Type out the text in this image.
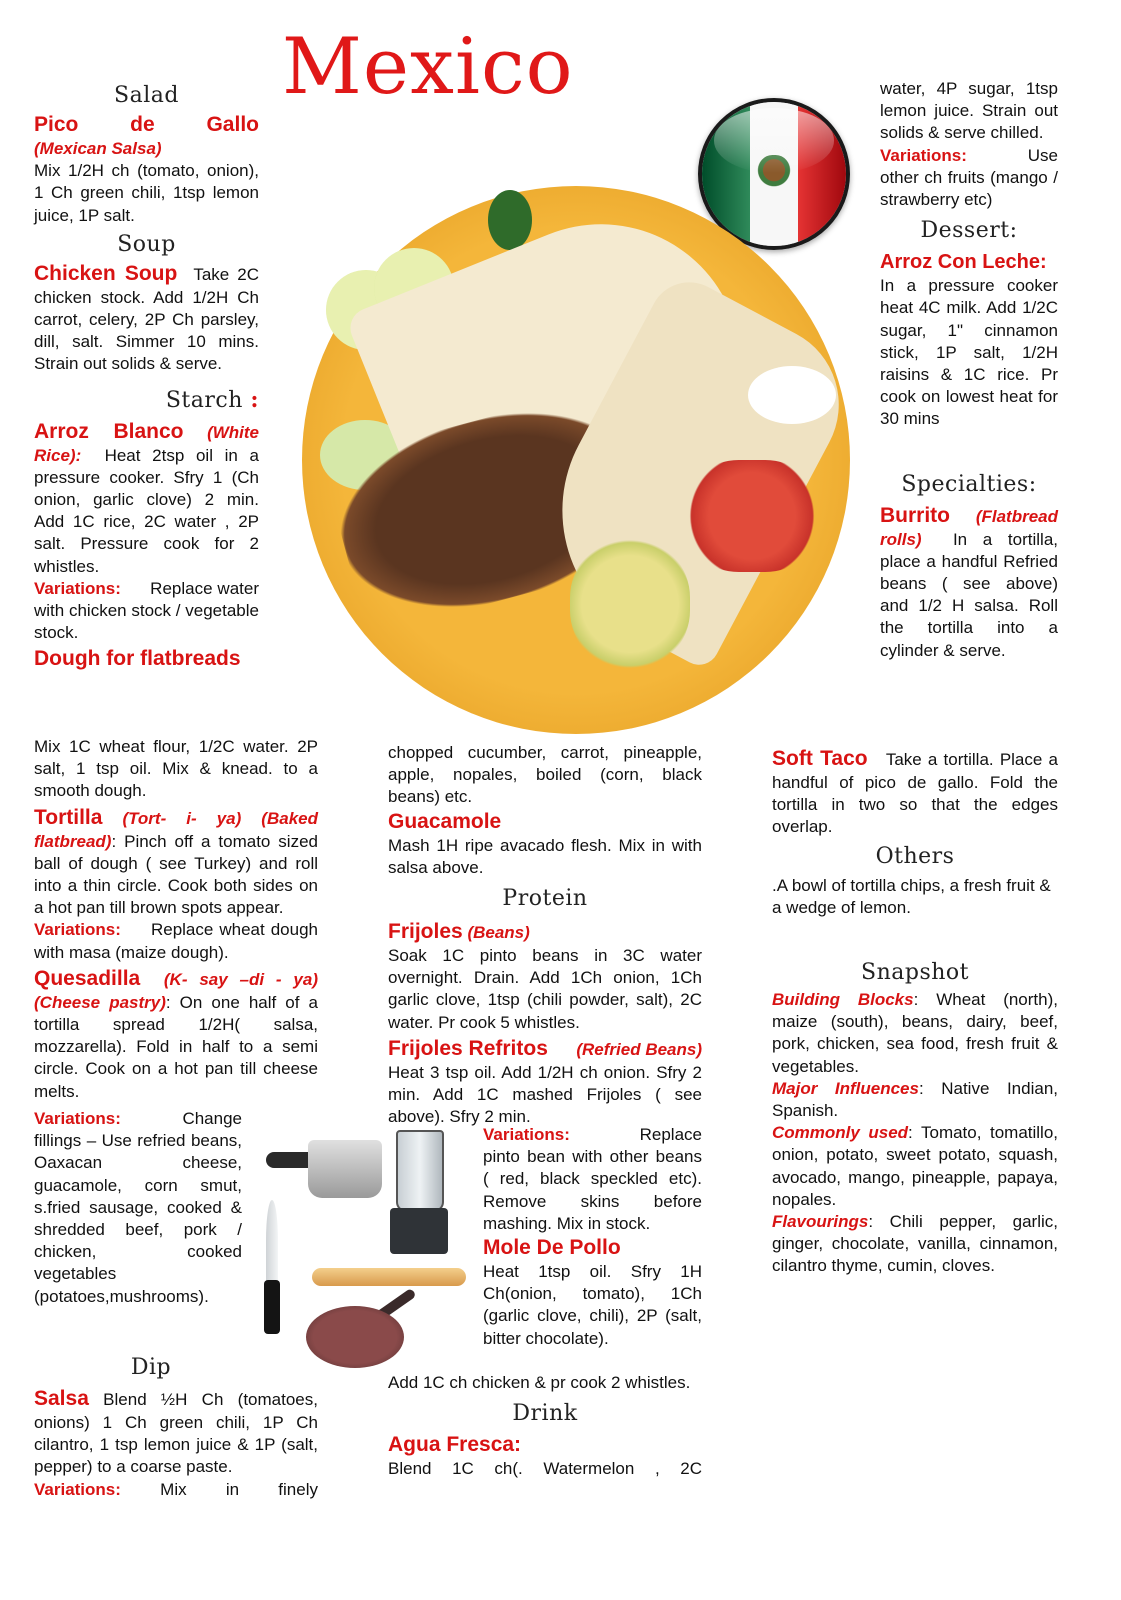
Mexico
Salad
Pico de Gallo
(Mexican Salsa)

Mix 1/2H ch (tomato, onion), 1 Ch green chili, 1tsp lemon juice, 1P salt.

Soup

Chicken Soup Take 2C chicken stock. Add 1/2H Ch carrot, celery, 2P Ch parsley, dill, salt. Simmer 10 mins. Strain out solids & serve.

Starch :

Arroz Blanco (White Rice): Heat 2tsp oil in a pressure cooker. Sfry 1 (Ch onion, garlic clove) 2 min. Add 1C rice, 2C water , 2P salt. Pressure cook for 2 whistles.

Variations: Replace water with chicken stock / vegetable stock.

Dough for flatbreads

Mix 1C wheat flour, 1/2C water. 2P salt, 1 tsp oil. Mix & knead. to a smooth dough.

Tortilla (Tort- i- ya) (Baked flatbread): Pinch off a tomato sized ball of dough ( see Turkey) and roll into a thin circle. Cook both sides on a hot pan till brown spots appear.

Variations: Replace wheat dough with masa (maize dough).

Quesadilla (K- say –di - ya) (Cheese pastry): On one half of a tortilla spread 1/2H( salsa, mozzarella). Fold in half to a semi circle. Cook on a hot pan till cheese melts.

Variations:	Change fillings – Use refried beans, Oaxacan cheese, guacamole, corn smut, s.fried sausage, cooked & shredded beef, pork / chicken, cooked vegetables (potatoes,mushrooms).

Dip

Salsa Blend ½H Ch (tomatoes, onions) 1 Ch green chili, 1P Ch cilantro, 1 tsp lemon juice & 1P (salt, pepper) to a coarse paste.

Variations: Mix in finely

chopped cucumber, carrot, pineapple, apple, nopales, boiled (corn, black beans) etc.

Guacamole

Mash 1H ripe avacado flesh. Mix in with salsa above.

Protein

Frijoles (Beans)

Soak 1C pinto beans in 3C water overnight. Drain. Add 1Ch onion, 1Ch garlic clove, 1tsp (chili powder, salt), 2C water. Pr cook 5 whistles.

Frijoles Refritos (Refried Beans) Heat 3 tsp oil. Add 1/2H ch onion. Sfry 2 min. Add 1C mashed Frijoles ( see above). Sfry 2 min.

Variations:	Replace pinto bean with other beans ( red, black speckled etc). Remove skins before mashing. Mix in stock.

Mole De Pollo

Heat 1tsp oil. Sfry 1H Ch(onion, tomato), 1Ch (garlic clove, chili), 2P (salt, bitter chocolate).

Add 1C ch chicken & pr cook 2 whistles.

Drink
Agua Fresca:

Blend 1C ch(. Watermelon , 2C

water, 4P sugar, 1tsp lemon juice. Strain out solids & serve chilled.

Variations:	Use other ch fruits (mango / strawberry etc)

Dessert:
Arroz Con Leche:

In a pressure cooker heat 4C milk. Add 1/2C sugar, 1" cinnamon stick, 1P salt, 1/2H raisins & 1C rice. Pr cook on lowest heat for 30 mins

Specialties:

Burrito (Flatbread rolls) In a tortilla, place a handful Refried beans ( see above) and 1/2 H salsa. Roll the tortilla into a cylinder & serve.

Soft Taco Take a tortilla. Place a handful of pico de gallo. Fold the tortilla in two so that the edges overlap.

Others

.A bowl of tortilla chips, a fresh fruit & a wedge of lemon.

Snapshot

Building Blocks: Wheat (north), maize (south), beans, dairy, beef, pork, chicken, sea food, fresh fruit & vegetables.

Major Influences: Native Indian, Spanish.

Commonly used: Tomato, tomatillo, onion, potato, sweet potato, squash, avocado, mango, pineapple, papaya, nopales.

Flavourings: Chili pepper, garlic, ginger, chocolate, vanilla, cinnamon, cilantro thyme, cumin, cloves.
